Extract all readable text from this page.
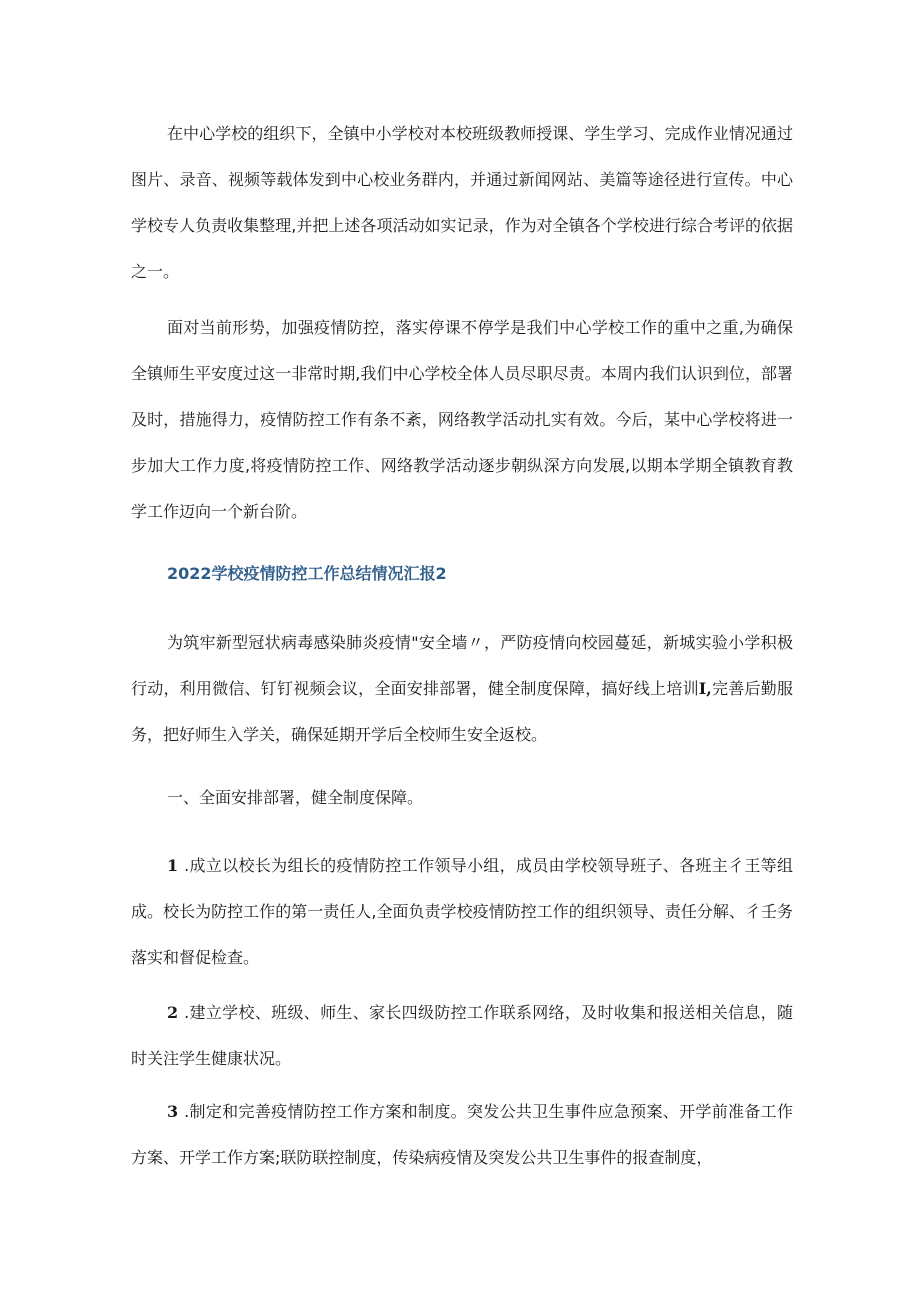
在中心学校的组织下，全镇中小学校对本校班级教师授课、学生学习、完成作业情况通过图片、录音、视频等载体发到中心校业务群内，并通过新闻网站、美篇等途径进行宣传。中心学校专人负责收集整理,并把上述各项活动如实记录，作为对全镇各个学校进行综合考评的依据之一。

面对当前形势，加强疫情防控，落实停课不停学是我们中心学校工作的重中之重,为确保全镇师生平安度过这一非常时期,我们中心学校全体人员尽职尽责。本周内我们认识到位，部署及时，措施得力，疫情防控工作有条不紊，网络教学活动扎实有效。今后，某中心学校将进一步加大工作力度,将疫情防控工作、网络教学活动逐步朝纵深方向发展,以期本学期全镇教育教学工作迈向一个新台阶。

2022学校疫情防控工作总结情况汇报2

为筑牢新型冠状病毒感染肺炎疫情"安全墙〃，严防疫情向校园蔓延，新城实验小学积极行动，利用微信、钉钉视频会议，全面安排部署，健全制度保障，搞好线上培训I,完善后勤服务，把好师生入学关，确保延期开学后全校师生安全返校。

一、全面安排部署，健全制度保障。

1 .成立以校长为组长的疫情防控工作领导小组，成员由学校领导班子、各班主彳王等组成。校长为防控工作的第一责任人,全面负责学校疫情防控工作的组织领导、责任分解、彳壬务落实和督促检查。

2 .建立学校、班级、师生、家长四级防控工作联系网络，及时收集和报送相关信息，随时关注学生健康状况。

3 .制定和完善疫情防控工作方案和制度。突发公共卫生事件应急预案、开学前准备工作方案、开学工作方案;联防联控制度，传染病疫情及突发公共卫生事件的报查制度，
